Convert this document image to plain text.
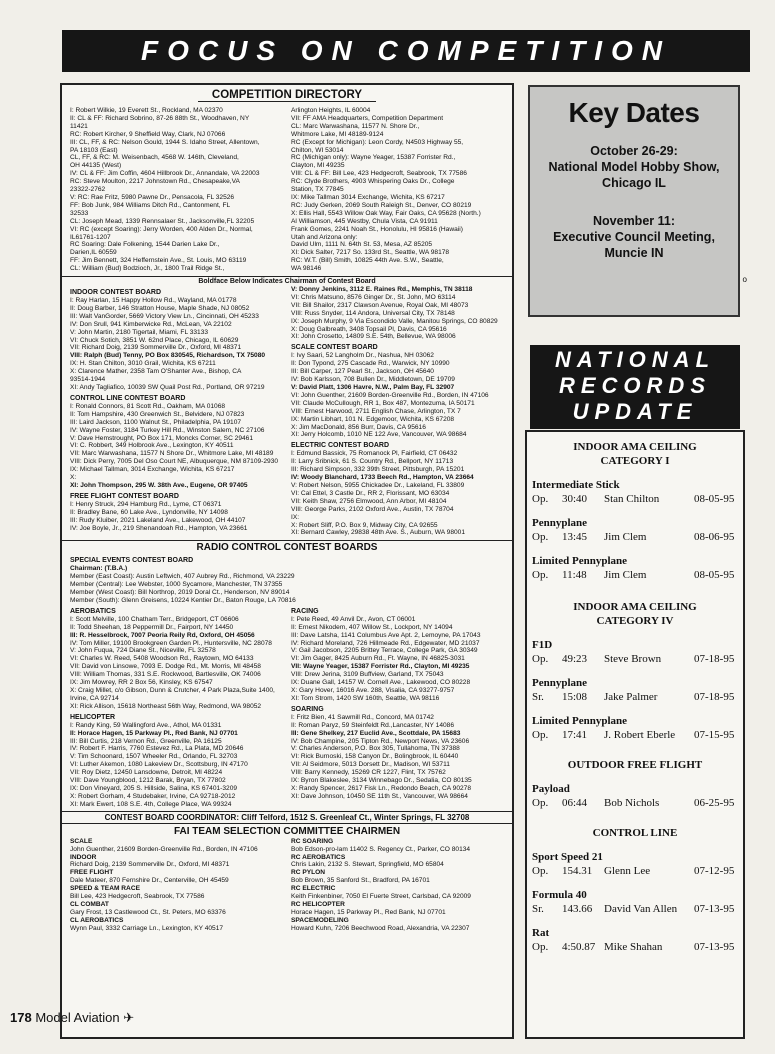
FOCUS ON COMPETITION
COMPETITION DIRECTORY
I: Robert Wilkie, 19 Everett St., Rockland, MA 02370
II: CL & FF: Richard Sobrino, 87-26 88th St., Woodhaven, NY
11421
RC: Robert Kircher, 9 Sheffield Way, Clark, NJ 07066
III: CL, FF, & RC: Nelson Gould, 1944 S. Idaho Street, Allentown,
PA 18103 (East)
CL, FF, & RC: M. Weisenbach, 4568 W. 146th, Cleveland,
OH 44135 (West)
IV: CL & FF: Jim Coffin, 4604 Hillbrook Dr., Annandale, VA 22003
RC: Steve Moulton, 2217 Johnstown Rd., Chesapeake,VA
23322-2762
V: RC: Rae Fritz, 5980 Pawne Dr., Pensacola, FL 32526
FF: Bob Junk, 984 Williams Ditch Rd., Cantonment, FL
32533
CL: Joseph Mead, 1339 Rennsalaer St., Jacksonville,FL 32205
VI: RC (except Soaring): Jerry Worden, 400 Alden Dr., Normal,
IL61761-1207
RC Soaring: Dale Folkening, 1544 Darien Lake Dr.,
Darien,IL 60559
FF: Jim Bennett, 324 Heffernstein Ave., St. Louis, MO 63119
CL: William (Bud) Bodzioch, Jr., 1800 Trail Ridge St.,
Arlington Heights, IL 60004
VII: FF AMA Headquarters, Competition Department
CL: Marc Warwashana, 11577 N. Shore Dr.,
Whitmore Lake, MI 48189-9124
RC (Except for Michigan): Leon Cordy, N4503 Highway 55,
Chilton, WI 53014
RC (Michigan only): Wayne Yeager, 15387 Forrister Rd.,
Clayton, MI 49235
VIII: CL & FF: Bill Lee, 423 Hedgecroft, Seabrook, TX 77586
RC: Clyde Brothers, 4903 Whispering Oaks Dr., College
Station, TX 77845
IX: Mike Tallman 3014 Exchange, Wichita, KS 67217
RC: Judy Gerken, 2069 South Raleigh St., Denver, CO 80219
X: Ellis Hall, 5543 Willow Oak Way, Fair Oaks, CA 95628 (North.)
Al Williamson, 445 Westby, Chula Vista, CA 91911
Frank Gomes, 2241 Noah St., Honolulu, HI 95816 (Hawaii)
Utah and Arizona only:
David Ulm, 1111 N. 64th St. 53, Mesa, AZ 85205
XI: Dick Salter, 7217 So. 133rd St., Seattle, WA 98178
RC: W.T. (Bill) Smith, 10825 44th Ave. S.W., Seattle,
WA 98146
Boldface Below Indicates Chairman of Contest Board
INDOOR CONTEST BOARD
I: Ray Harlan, 15 Happy Hollow Rd., Wayland, MA 01778
II: Doug Barber, 146 Stratton House, Maple Shade, NJ 08052
III: Walt VanGorder, 5669 Victory View Ln., Cincinnati, OH 45233
IV: Don Srull, 941 Kimberwicke Rd., McLean, VA 22102
V: John Martin, 2180 Tigertail, Miami, FL 33133
VI: Chuck Sotich, 3851 W. 62nd Place, Chicago, IL 60629
VII: Richard Doig, 2139 Sommerville Dr., Oxford, MI 48371
VIII: Ralph (Bud) Tenny, PO Box 830545, Richardson, TX 75080
IX: H. Stan Chilton, 3010 Grail, Wichita, KS 67211
X: Clarence Mather, 2358 Tam O'Shanter Ave., Bishop, CA
93514-1944
XI: Andy Tagliafico, 10039 SW Quail Post Rd., Portland, OR 97219
CONTROL LINE CONTEST BOARD
I: Ronald Connors, 81 Scott Rd., Oakham, MA 01068
II: Tom Hampshire, 430 Greenwich St., Belvidere, NJ 07823
III: Laird Jackson, 1100 Walnut St., Philadelphia, PA 19107
IV: Wayne Foster, 3184 Turkey Hill Rd., Winston Salem, NC 27106
V: Dave Hemstrought, PO Box 171, Moncks Corner, SC 29461
VI: C. Robbert, 349 Holbrook Ave., Lexington, KY 40511
VII: Marc Warwashana, 11577 N Shore Dr., Whitmore Lake, MI 48189
VIII: Dick Perry, 7005 Del Oso Court NE, Albuquerque, NM 87109-2930
IX: Michael Tallman, 3014 Exchange, Wichita, KS 67217
X:
XI: John Thompson, 295 W. 38th Ave., Eugene, OR 97405
FREE FLIGHT CONTEST BOARD
I: Henry Struck, 294 Hamburg Rd., Lyme, CT 06371
II: Bradley Bane, 60 Lake Ave., Lyndonville, NY 14098
III: Rudy Kluiber, 2021 Lakeland Ave., Lakewood, OH 44107
IV: Joe Boyle, Jr., 219 Shenandoah Rd., Hampton, VA 23661
V: Donny Jenkins, 3112 E. Raines Rd., Memphis, TN 38118
VI: Chris Matsuno, 8576 Ginger Dr., St. John, MO 63114
VII: Bill Shailor, 2317 Clawson Avenue, Royal Oak, MI 48073
VIII: Russ Snyder, 114 Andora, Universal City, TX 78148
IX: Joseph Murphy, 9 Via Escondido Valle, Manitou Springs, CO 80829
X: Doug Galbreath, 3408 Topsail Pl, Davis, CA 95616
XI: John Crosetto, 14809 S.E. 54th, Bellevue, WA 98006
SCALE CONTEST BOARD
I: Ivy Saari, 52 Langholm Dr., Nashua, NH 03062
II: Don Typond, 275 Cascade Rd., Warwick, NY 10990
III: Bill Carper, 127 Pearl St., Jackson, OH 45640
IV: Bob Karlsson, 708 Bullen Dr., Middletown, DE 19709
V: David Platt, 1306 Havre, N.W., Palm Bay, FL 32907
VI: John Guenther, 21609 Borden-Greenville Rd., Borden, IN 47106
VII: Claude McCullough, RR 1, Box 487, Montezuma, IA 50171
VIII: Ernest Harwood, 2711 English Chase, Arlington, TX 7
IX: Martin Libhart, 101 N. Edgemoor, Wichita, KS 67208
X: Jim MacDonald, 856 Burr, Davis, CA 95616
XI: Jerry Holcomb, 1010 NE 122 Ave, Vancouver, WA 98684
ELECTRIC CONTEST BOARD
I: Edmund Bassick, 75 Romanock Pl, Fairfield, CT 06432
II: Larry Sribnick, 61 S. Country Rd., Bellport, NY 11713
III: Richard Simpson, 332 39th Street, Pittsburgh, PA 15201
IV: Woody Blanchard, 1733 Beech Rd., Hampton, VA 23664
V: Robert Nelson, 5955 Chickadee Dr., Lakeland, FL 33809
VI: Cal Ettel, 3 Castle Dr., RR 2, Florissant, MO 63034
VII: Keith Shaw, 2756 Elmwood, Ann Arbor, MI 48104
VIII: George Parks, 2102 Oxford Ave., Austin, TX 78704
IX:
X: Robert Sliff, P.O. Box 9, Midway City, CA 92655
XI: Bernard Cawley, 29838 48th Ave. S., Auburn, WA 98001
RADIO CONTROL CONTEST BOARDS
SPECIAL EVENTS CONTEST BOARD
Chairman: (T.B.A.)
Member (East Coast): Austin Leftwich, 407 Aubrey Rd., Richmond, VA 23229
Member (Central): Lee Webster, 1000 Sycamore, Manchester, TN 37355
Member (West Coast): Bill Northrop, 2019 Doral Ct., Henderson, NV 89014
Member (South): Glenn Greisens, 10224 Kentier Dr., Baton Rouge, LA 70816
AEROBATICS
I: Scott Melville, 100 Chatham Terr., Bridgeport, CT 06606
II: Todd Sheehan, 18 Peppermill Dr., Fairport, NY 14450
III: R. Hesselbrock, 7007 Peoria Reily Rd, Oxford, OH 45056
IV: Tom Miller, 19100 Brookgreen Garden Pl., Huntersville, NC 28078
V: John Fuqua, 724 Diane St., Niceville, FL 32578
VI: Charles W. Reed, 5408 Woodson Rd., Raytown, MO 64133
VII: David von Linsowe, 7093 E. Dodge Rd., Mt. Morris, MI 48458
VIII: William Thomas, 331 S.E. Rockwood, Bartlesville, OK 74006
IX: Jim Mowrey, RR 2 Box 56, Kinsley, KS 67547
X: Craig Millet, c/o Gibson, Dunn & Crutcher, 4 Park Plaza,Suite 1400,
Irvine, CA 92714
XI: Rick Allison, 15618 Northeast 56th Way, Redmond, WA 98052
HELICOPTER
I: Randy King, 59 Wallingford Ave., Athol, MA 01331
II: Horace Hagen, 15 Parkway Pl., Red Bank, NJ 07701
III: Bill Curtis, 218 Vernon Rd., Greenville, PA 16125
IV: Robert F. Harris, 7760 Estevez Rd., La Plata, MD 20646
V: Tim Schoonard, 1507 Wheeler Rd., Orlando, FL 32703
VI: Luther Akemon, 1080 Lakeview Dr., Scottsburg, IN 47170
VII: Roy Dietz, 12450 Lansdowne, Detroit, MI 48224
VIII: Dave Youngblood, 1212 Barak, Bryan, TX 77802
IX: Don Vineyard, 205 S. Hillside, Salina, KS 67401-3209
X: Robert Gorham, 4 Studebaker, Irvine, CA 92718-2012
XI: Mark Ewert, 108 S.E. 4th, College Place, WA 99324
RACING
I: Pete Reed, 49 Anvil Dr., Avon, CT 06001
II: Ernest Nikodem, 407 Willow St., Lockport, NY 14094
III: Dave Latsha, 1141 Columbus Ave Apt. 2, Lemoyne, PA 17043
IV: Richard Moreland, 726 Hillmeade Rd., Edgewater, MD 21037
V: Gail Jacobson, 2205 Brittey Terrace, College Park, GA 30349
VI: Jim Gager, 8425 Auburn Rd., Ft. Wayne, IN 46825-3031
VII: Wayne Yeager, 15387 Forrister Rd., Clayton, MI 49235
VIII: Drew Jerina, 3109 Buffview, Garland, TX 75043
IX: Duane Gall, 14157 W. Cornell Ave., Lakewood, CO 80228
X: Gary Hover, 16016 Ave. 288, Visalia, CA 93277-9757
XI: Tom Strom, 1420 SW 160th, Seattle, WA 98116
SOARING
I: Fritz Bien, 41 Sawmill Rd., Concord, MA 01742
II: Roman Paryz, 59 Steinfeldt Rd.,Lancaster, NY 14086
III: Gene Shelkey, 217 Euclid Ave., Scottdale, PA 15683
IV: Bob Champine, 205 Tipton Rd., Newport News, VA 23606
V: Charles Anderson, P.O. Box 305, Tullahoma, TN 37388
VI: Rick Burnoski, 158 Canyon Dr., Bolingbrook, IL 60440
VII: Al Seidmore, 5013 Dorsett Dr., Madison, WI 53711
VIII: Barry Kennedy, 15269 CR 1227, Flint, TX 75762
IX: Byron Blakeslee, 3134 Winnebago Dr., Sedalia, CO 80135
X: Randy Spencer, 2617 Fisk Ln., Redondo Beach, CA 90278
XI: Dave Johnson, 10450 SE 11th St., Vancouver, WA 98664
CONTEST BOARD COORDINATOR: Cliff Telford, 1512 S. Greenleaf Ct., Winter Springs, FL 32708
FAI TEAM SELECTION COMMITTEE CHAIRMEN
SCALE
John Guenther, 21609 Borden-Greenville Rd., Borden, IN 47106
INDOOR
Richard Doig, 2139 Sommerville Dr., Oxford, MI 48371
FREE FLIGHT
Dale Mateer, 870 Fernshire Dr., Centerville, OH 45459
SPEED & TEAM RACE
Bill Lee, 423 Hedgecroft, Seabrook, TX 77586
CL COMBAT
Gary Frost, 13 Castlewood Ct., St. Peters, MO 63376
CL AEROBATICS
Wynn Paul, 3332 Carriage Ln., Lexington, KY 40517
RC SOARING
Bob Edson-pro-lam 11402 S. Regency Ct., Parker, CO 80134
RC AEROBATICS
Chris Lakin, 2132 S. Stewart, Springfield, MO 65804
RC PYLON
Bob Brown, 35 Sanford St., Bradford, PA 16701
RC ELECTRIC
Keith Finkenbiner, 7050 El Fuerte Street, Carlsbad, CA 92009
RC HELICOPTER
Horace Hagen, 15 Parkway Pl., Red Bank, NJ 07701
SPACEMODELING
Howard Kuhn, 7206 Beechwood Road, Alexandria, VA 22307
Key Dates
October 26-29:
National Model Hobby Show,
Chicago IL
November 11:
Executive Council Meeting,
Muncie IN
o
NATIONAL
RECORDS
UPDATE
INDOOR AMA CEILING
CATEGORY I
Intermediate Stick
Op.	30:40	Stan Chilton	08-05-95
Pennyplane
Op.	13:45	Jim Clem	08-06-95
Limited Pennyplane
Op.	11:48	Jim Clem	08-05-95
INDOOR AMA CEILING
CATEGORY IV
F1D
Op.	49:23	Steve Brown	07-18-95
Pennyplane
Sr.	15:08	Jake Palmer	07-18-95
Limited Pennyplane
Op.	17:41	J. Robert Eberle	07-15-95
OUTDOOR FREE FLIGHT
Payload
Op.	06:44	Bob Nichols	06-25-95
CONTROL LINE
Sport Speed 21
Op.	154.31	Glenn Lee	07-12-95
Formula 40
Sr.	143.66	David Van Allen	07-13-95
Rat
Op.	4:50.87 Mike Shahan	07-13-95
178 Model Aviation ✈
